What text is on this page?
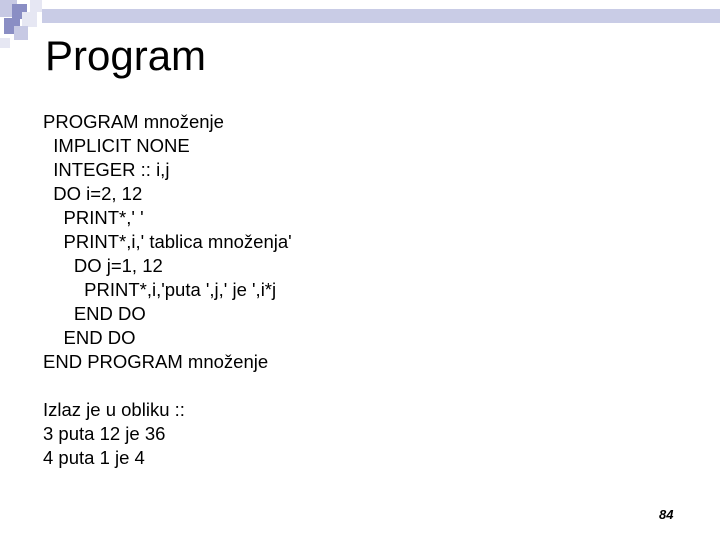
Program
PROGRAM množenje
IMPLICIT NONE
INTEGER :: i,j
DO i=2, 12
PRINT*,' '
PRINT*,i,' tablica množenja'
DO j=1, 12
PRINT*,i,'puta ',j,' je ',i*j
END DO
END DO
END PROGRAM množenje
Izlaz je u obliku ::
3 puta 12 je 36
4 puta 1 je 4
84
